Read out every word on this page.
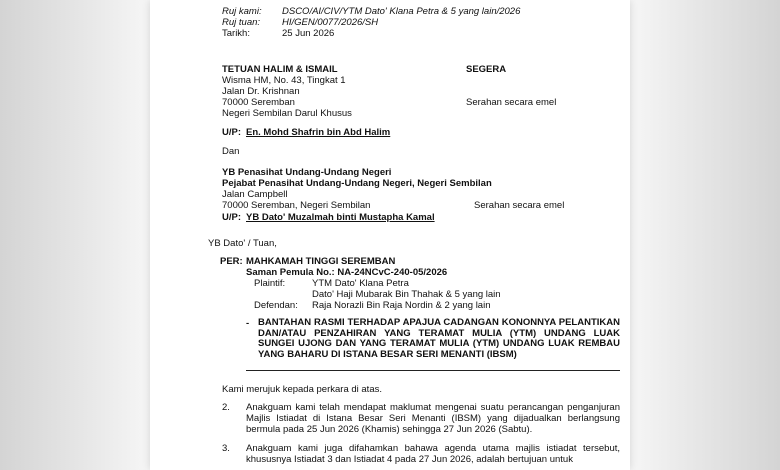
Ruj kami: DSCO/AI/CIV/YTM Dato' Klana Petra & 5 yang lain/2026
Ruj tuan: HI/GEN/0077/2026/SH
Tarikh:	25 Jun 2026
TETUAN HALIM & ISMAIL
Wisma HM, No. 43, Tingkat 1
Jalan Dr. Krishnan
70000 Seremban
Negeri Sembilan Darul Khusus
SEGERA
Serahan secara emel
U/P: En. Mohd Shafrin bin Abd Halim
Dan
YB Penasihat Undang-Undang Negeri
Pejabat Penasihat Undang-Undang Negeri, Negeri Sembilan
Jalan Campbell
70000 Seremban, Negeri Sembilan	Serahan secara emel
U/P: YB Dato' Muzalmah binti Mustapha Kamal
YB Dato' / Tuan,
PER: MAHKAMAH TINGGI SEREMBAN
Saman Pemula No.: NA-24NCvC-240-05/2026
Plaintif:	YTM Dato' Klana Petra
Dato' Haji Mubarak Bin Thahak & 5 yang lain
Defendan: Raja Norazli Bin Raja Nordin & 2 yang lain
- BANTAHAN RASMI TERHADAP APAJUA CADANGAN KONONNYA PELANTIKAN DAN/ATAU PENZAHIRAN YANG TERAMAT MULIA (YTM) UNDANG LUAK SUNGEI UJONG DAN YANG TERAMAT MULIA (YTM) UNDANG LUAK REMBAU YANG BAHARU DI ISTANA BESAR SERI MENANTI (IBSM)
Kami merujuk kepada perkara di atas.
2. Anakguam kami telah mendapat maklumat mengenai suatu perancangan penganjuran Majlis Istiadat di Istana Besar Seri Menanti (IBSM) yang dijadualkan berlangsung bermula pada 25 Jun 2026 (Khamis) sehingga 27 Jun 2026 (Sabtu).
3. Anakguam kami juga difahamkan bahawa agenda utama majlis istiadat tersebut, khususnya Istiadat 3 dan Istiadat 4 pada 27 Jun 2026, adalah bertujuan untuk
